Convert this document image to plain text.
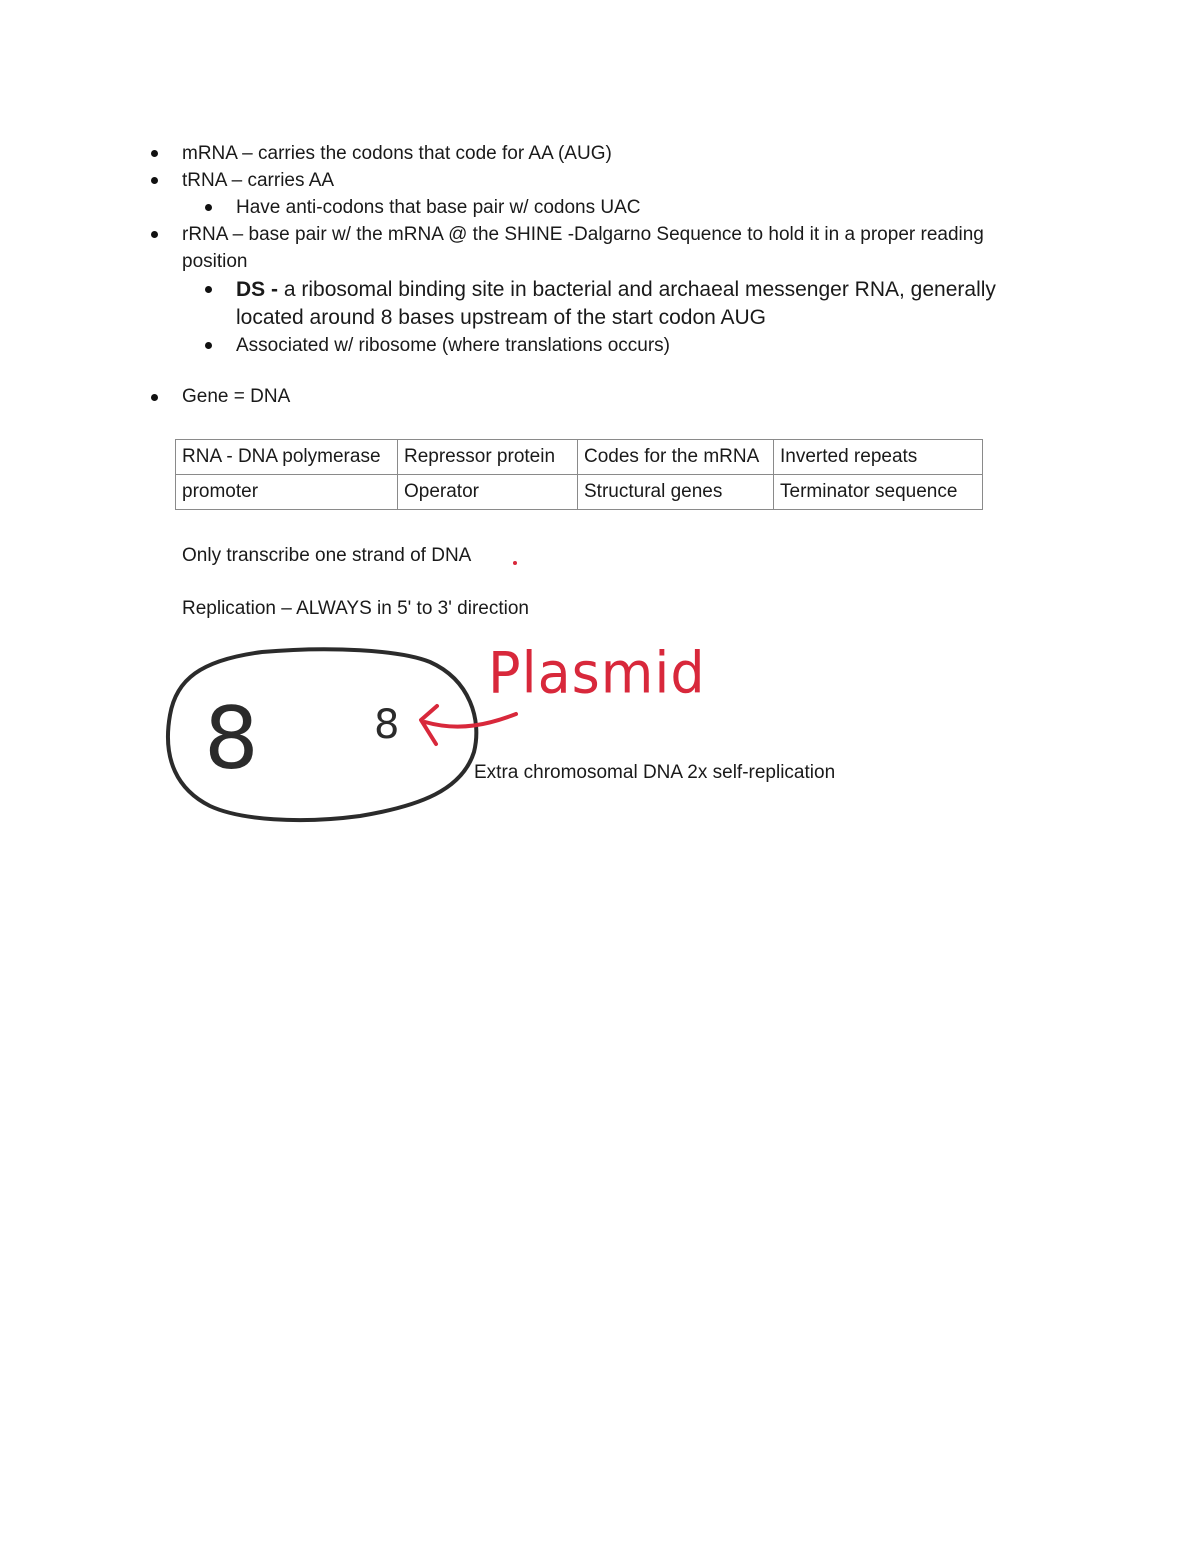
mRNA – carries the codons that code for AA (AUG)
tRNA – carries AA
Have anti-codons that base pair w/ codons UAC
rRNA – base pair w/ the mRNA @ the SHINE -Dalgarno Sequence to hold it in a proper reading
position
DS - a ribosomal binding site in bacterial and archaeal messenger RNA, generally
located around 8 bases upstream of the start codon AUG
Associated w/ ribosome (where translations occurs)
Gene = DNA
RNA - DNA polymerase	Repressor protein	Codes for the mRNA	Inverted repeats
promoter	Operator	Structural genes	Terminator sequence
Only transcribe one strand of DNA
Replication – ALWAYS in 5' to 3' direction
8	8
Plasmid
Extra chromosomal DNA 2x self-replication
